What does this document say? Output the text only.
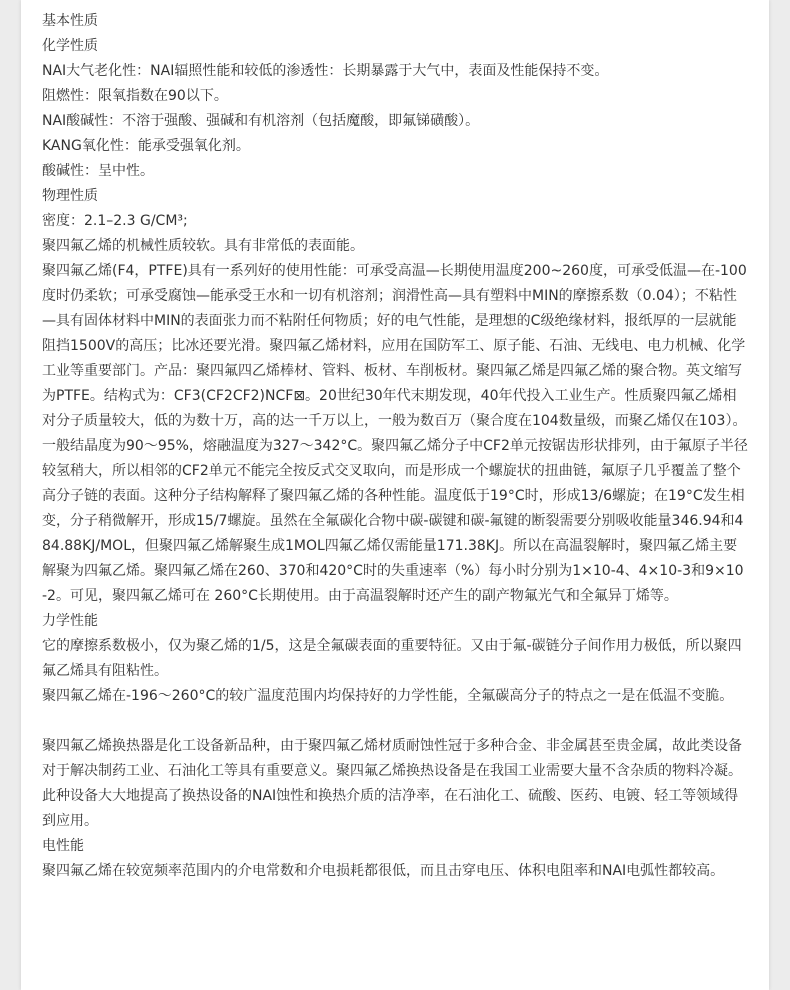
基本性质

化学性质

NAI大气老化性：NAI辐照性能和较低的渗透性：长期暴露于大气中，表面及性能保持不变。

阻燃性：限氧指数在90以下。

NAI酸碱性：不溶于强酸、强碱和有机溶剂（包括魔酸，即氟锑磺酸）。

KANG氧化性：能承受强氧化剂。

酸碱性：呈中性。

物理性质

密度：2.1–2.3 G/CM³;

聚四氟乙烯的机械性质较软。具有非常低的表面能。

聚四氟乙烯(F4，PTFE)具有一系列好的使用性能：可承受高温—长期使用温度200~260度，可承受低温—在-100度时仍柔软；可承受腐蚀—能承受王水和一切有机溶剂；润滑性高—具有塑料中MIN的摩擦系数（0.04）；不粘性—具有固体材料中MIN的表面张力而不粘附任何物质；好的电气性能，是理想的C级绝缘材料，报纸厚的一层就能阻挡1500V的高压；比冰还要光滑。聚四氟乙烯材料，应用在国防军工、原子能、石油、无线电、电力机械、化学工业等重要部门。产品：聚四氟四乙烯棒材、管料、板材、车削板材。聚四氟乙烯是四氟乙烯的聚合物。英文缩写为PTFE。结构式为：CF3(CF2CF2)NCF⊠。20世纪30年代末期发现，40年代投入工业生产。性质聚四氟乙烯相对分子质量较大，低的为数十万，高的达一千万以上，一般为数百万（聚合度在104数量级，而聚乙烯仅在103）。一般结晶度为90～95%，熔融温度为327～342°C。聚四氟乙烯分子中CF2单元按锯齿形状排列，由于氟原子半径较氢稍大，所以相邻的CF2单元不能完全按反式交叉取向，而是形成一个螺旋状的扭曲链，氟原子几乎覆盖了整个高分子链的表面。这种分子结构解释了聚四氟乙烯的各种性能。温度低于19°C时，形成13/6螺旋；在19°C发生相变，分子稍微解开，形成15/7螺旋。虽然在全氟碳化合物中碳-碳键和碳-氟键的断裂需要分别吸收能量346.94和484.88KJ/MOL，但聚四氟乙烯解聚生成1MOL四氟乙烯仅需能量171.38KJ。所以在高温裂解时，聚四氟乙烯主要解聚为四氟乙烯。聚四氟乙烯在260、370和420°C时的失重速率（%）每小时分别为1×10-4、4×10-3和9×10-2。可见，聚四氟乙烯可在 260°C长期使用。由于高温裂解时还产生的副产物氟光气和全氟异丁烯等。

力学性能

它的摩擦系数极小，仅为聚乙烯的1/5，这是全氟碳表面的重要特征。又由于氟-碳链分子间作用力极低，所以聚四氟乙烯具有阻粘性。

聚四氟乙烯在-196～260°C的较广温度范围内均保持好的力学性能，全氟碳高分子的特点之一是在低温不变脆。

聚四氟乙烯换热器是化工设备新品种，由于聚四氟乙烯材质耐蚀性冠于多种合金、非金属甚至贵金属，故此类设备对于解决制药工业、石油化工等具有重要意义。聚四氟乙烯换热设备是在我国工业需要大量不含杂质的物料冷凝。

此种设备大大地提高了换热设备的NAI蚀性和换热介质的洁净率，在石油化工、硫酸、医药、电镀、轻工等领域得到应用。

电性能

聚四氟乙烯在较宽频率范围内的介电常数和介电损耗都很低，而且击穿电压、体积电阻率和NAI电弧性都较高。
